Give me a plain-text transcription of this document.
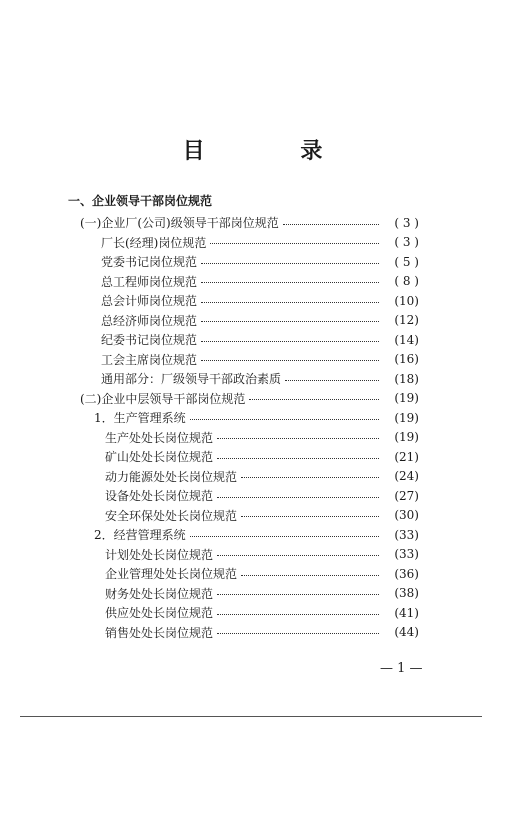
目 录
一、企业领导干部岗位规范
(一)企业厂(公司)级领导干部岗位规范	( 3 )
厂长(经理)岗位规范	( 3 )
党委书记岗位规范	( 5 )
总工程师岗位规范	( 8 )
总会计师岗位规范	(10)
总经济师岗位规范	(12)
纪委书记岗位规范	(14)
工会主席岗位规范	(16)
通用部分：厂级领导干部政治素质	(18)
(二)企业中层领导干部岗位规范	(19)
1．生产管理系统	(19)
生产处处长岗位规范	(19)
矿山处处长岗位规范	(21)
动力能源处处长岗位规范	(24)
设备处处长岗位规范	(27)
安全环保处处长岗位规范	(30)
2．经营管理系统	(33)
计划处处长岗位规范	(33)
企业管理处处长岗位规范	(36)
财务处处长岗位规范	(38)
供应处处长岗位规范	(41)
销售处处长岗位规范	(44)
— 1 —
